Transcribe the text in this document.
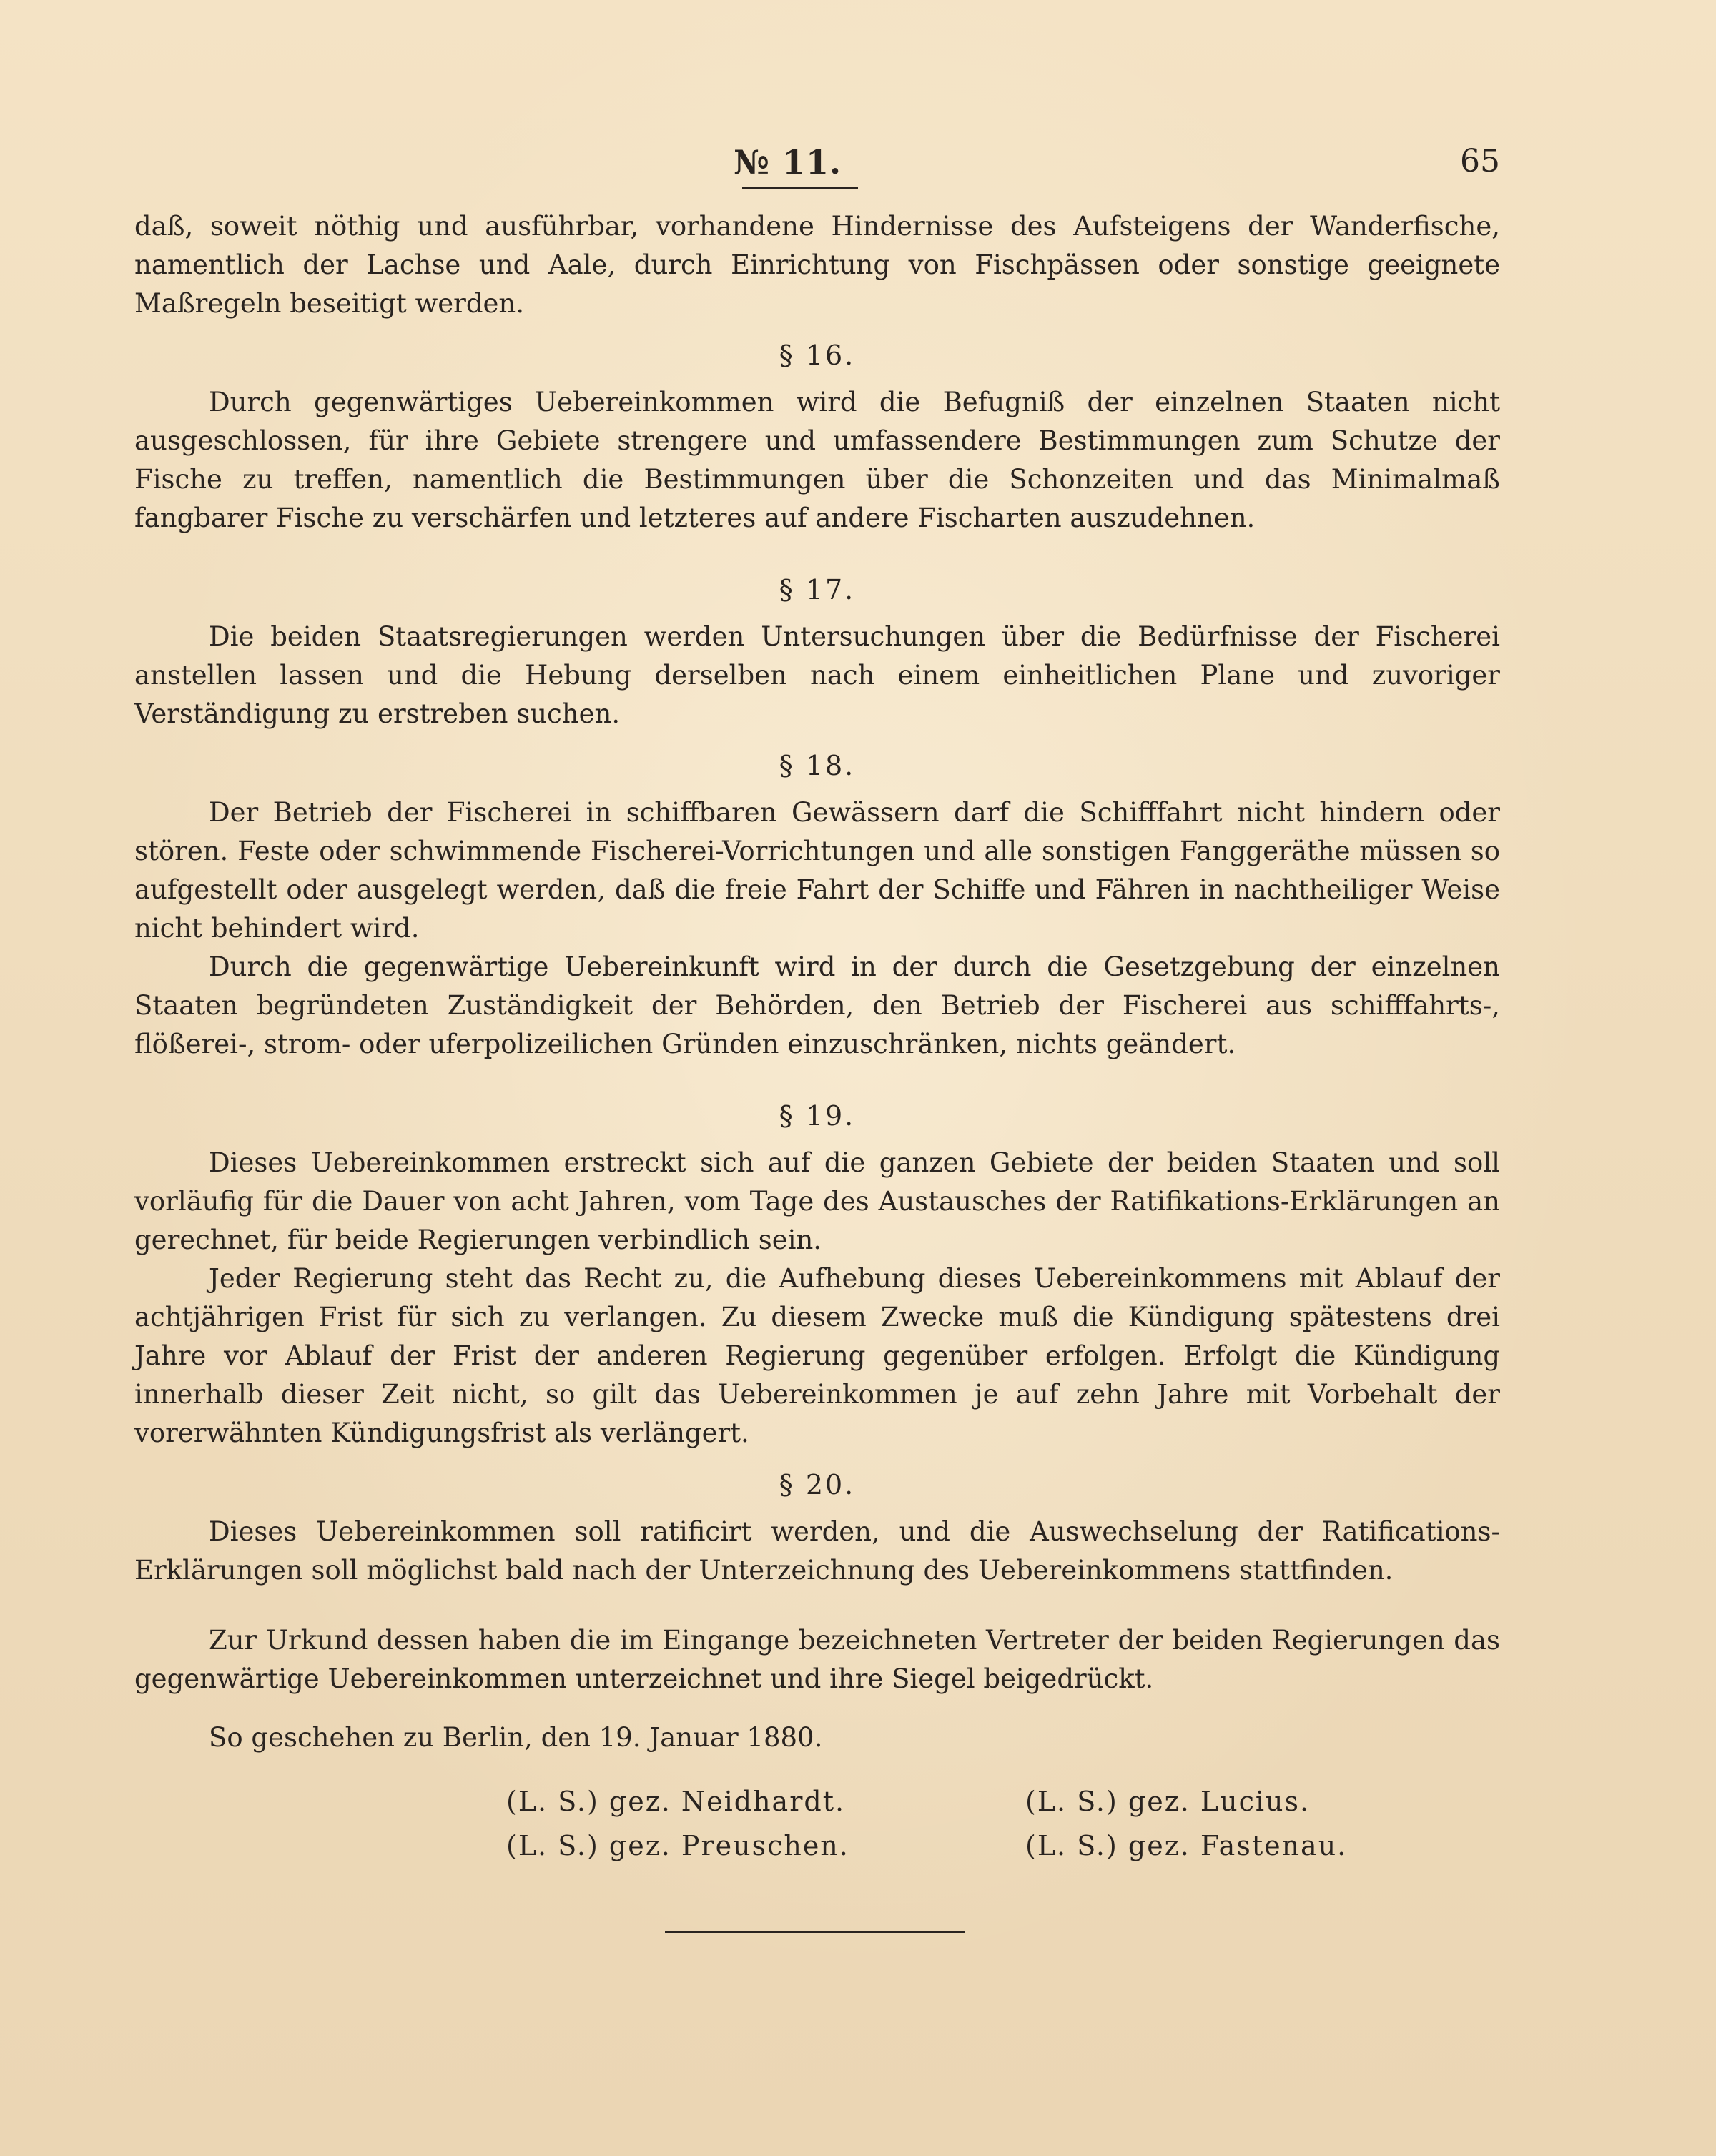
№ 11.	65

daß, soweit nöthig und ausführbar, vorhandene Hindernisse des Aufsteigens der Wanderfische, namentlich der Lachse und Aale, durch Einrichtung von Fischpässen oder sonstige geeignete Maßregeln beseitigt werden.

§ 16.

Durch gegenwärtiges Uebereinkommen wird die Befugniß der einzelnen Staaten nicht ausgeschlossen, für ihre Gebiete strengere und umfassendere Bestimmungen zum Schutze der Fische zu treffen, namentlich die Bestimmungen über die Schonzeiten und das Minimalmaß fangbarer Fische zu verschärfen und letzteres auf andere Fischarten auszudehnen.

§ 17.

Die beiden Staatsregierungen werden Untersuchungen über die Bedürfnisse der Fischerei anstellen lassen und die Hebung derselben nach einem einheitlichen Plane und zuvoriger Verständigung zu erstreben suchen.

§ 18.

Der Betrieb der Fischerei in schiffbaren Gewässern darf die Schifffahrt nicht hindern oder stören. Feste oder schwimmende Fischerei-Vorrichtungen und alle sonstigen Fanggeräthe müssen so aufgestellt oder ausgelegt werden, daß die freie Fahrt der Schiffe und Fähren in nachtheiliger Weise nicht behindert wird.

Durch die gegenwärtige Uebereinkunft wird in der durch die Gesetzgebung der einzelnen Staaten begründeten Zuständigkeit der Behörden, den Betrieb der Fischerei aus schifffahrts-, flößerei-, strom- oder uferpolizeilichen Gründen einzuschränken, nichts geändert.

§ 19.

Dieses Uebereinkommen erstreckt sich auf die ganzen Gebiete der beiden Staaten und soll vorläufig für die Dauer von acht Jahren, vom Tage des Austausches der Ratifikations-Erklärungen an gerechnet, für beide Regierungen verbindlich sein.

Jeder Regierung steht das Recht zu, die Aufhebung dieses Uebereinkommens mit Ablauf der achtjährigen Frist für sich zu verlangen. Zu diesem Zwecke muß die Kündigung spätestens drei Jahre vor Ablauf der Frist der anderen Regierung gegenüber erfolgen. Erfolgt die Kündigung innerhalb dieser Zeit nicht, so gilt das Uebereinkommen je auf zehn Jahre mit Vorbehalt der vorerwähnten Kündigungsfrist als verlängert.

§ 20.

Dieses Uebereinkommen soll ratificirt werden, und die Auswechselung der Ratifications-Erklärungen soll möglichst bald nach der Unterzeichnung des Uebereinkommens stattfinden.

Zur Urkund dessen haben die im Eingange bezeichneten Vertreter der beiden Regierungen das gegenwärtige Uebereinkommen unterzeichnet und ihre Siegel beigedrückt.

So geschehen zu Berlin, den 19. Januar 1880.

(L. S.) gez. Neidhardt.
(L. S.) gez. Preuschen.
(L. S.) gez. Lucius.
(L. S.) gez. Fastenau.
